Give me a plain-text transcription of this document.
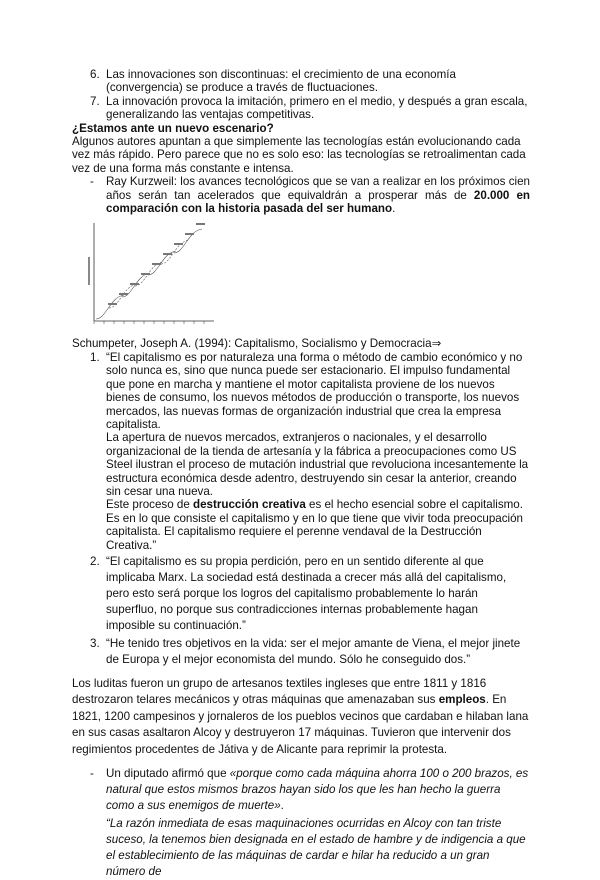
6. Las innovaciones son discontinuas: el crecimiento de una economía (convergencia) se produce a través de fluctuaciones.
7. La innovación provoca la imitación, primero en el medio, y después a gran escala, generalizando las ventajas competitivas.
¿Estamos ante un nuevo escenario?

Algunos autores apuntan a que simplemente las tecnologías están evolucionando cada vez más rápido. Pero parece que no es solo eso: las tecnologías se retroalimentan cada vez de una forma más constante e intensa.

- Ray Kurzweil: los avances tecnológicos que se van a realizar en los próximos cien años serán tan acelerados que equivaldrán a prosperar más de 20.000 en comparación con la historia pasada del ser humano.
Schumpeter, Joseph A. (1994): Capitalismo, Socialismo y Democracia⇒
1. “El capitalismo es por naturaleza una forma o método de cambio económico y no solo nunca es, sino que nunca puede ser estacionario. El impulso fundamental que pone en marcha y mantiene el motor capitalista proviene de los nuevos bienes de consumo, los nuevos métodos de producción o transporte, los nuevos mercados, las nuevas formas de organización industrial que crea la empresa capitalista.
La apertura de nuevos mercados, extranjeros o nacionales, y el desarrollo organizacional de la tienda de artesanía y la fábrica a preocupaciones como US Steel ilustran el proceso de mutación industrial que revoluciona incesantemente la estructura económica desde adentro, destruyendo sin cesar la anterior, creando sin cesar una nueva.
Este proceso de destrucción creativa es el hecho esencial sobre el capitalismo. Es en lo que consiste el capitalismo y en lo que tiene que vivir toda preocupación capitalista. El capitalismo requiere el perenne vendaval de la Destrucción Creativa.”
2. “El capitalismo es su propia perdición, pero en un sentido diferente al que implicaba Marx. La sociedad está destinada a crecer más allá del capitalismo, pero esto será porque los logros del capitalismo probablemente lo harán superfluo, no porque sus contradicciones internas probablemente hagan imposible su continuación.”
3. “He tenido tres objetivos en la vida: ser el mejor amante de Viena, el mejor jinete de Europa y el mejor economista del mundo. Sólo he conseguido dos.”

Los luditas fueron un grupo de artesanos textiles ingleses que entre 1811 y 1816 destrozaron telares mecánicos y otras máquinas que amenazaban sus empleos. En 1821, 1200 campesinos y jornaleros de los pueblos vecinos que cardaban e hilaban lana en sus casas asaltaron Alcoy y destruyeron 17 máquinas. Tuvieron que intervenir dos regimientos procedentes de Játiva y de Alicante para reprimir la protesta.

- Un diputado afirmó que «porque como cada máquina ahorra 100 o 200 brazos, es natural que estos mismos brazos hayan sido los que les han hecho la guerra como a sus enemigos de muerte».
“La razón inmediata de esas maquinaciones ocurridas en Alcoy con tan triste suceso, la tenemos bien designada en el estado de hambre y de indigencia a que el establecimiento de las máquinas de cardar e hilar ha reducido a un gran número de
